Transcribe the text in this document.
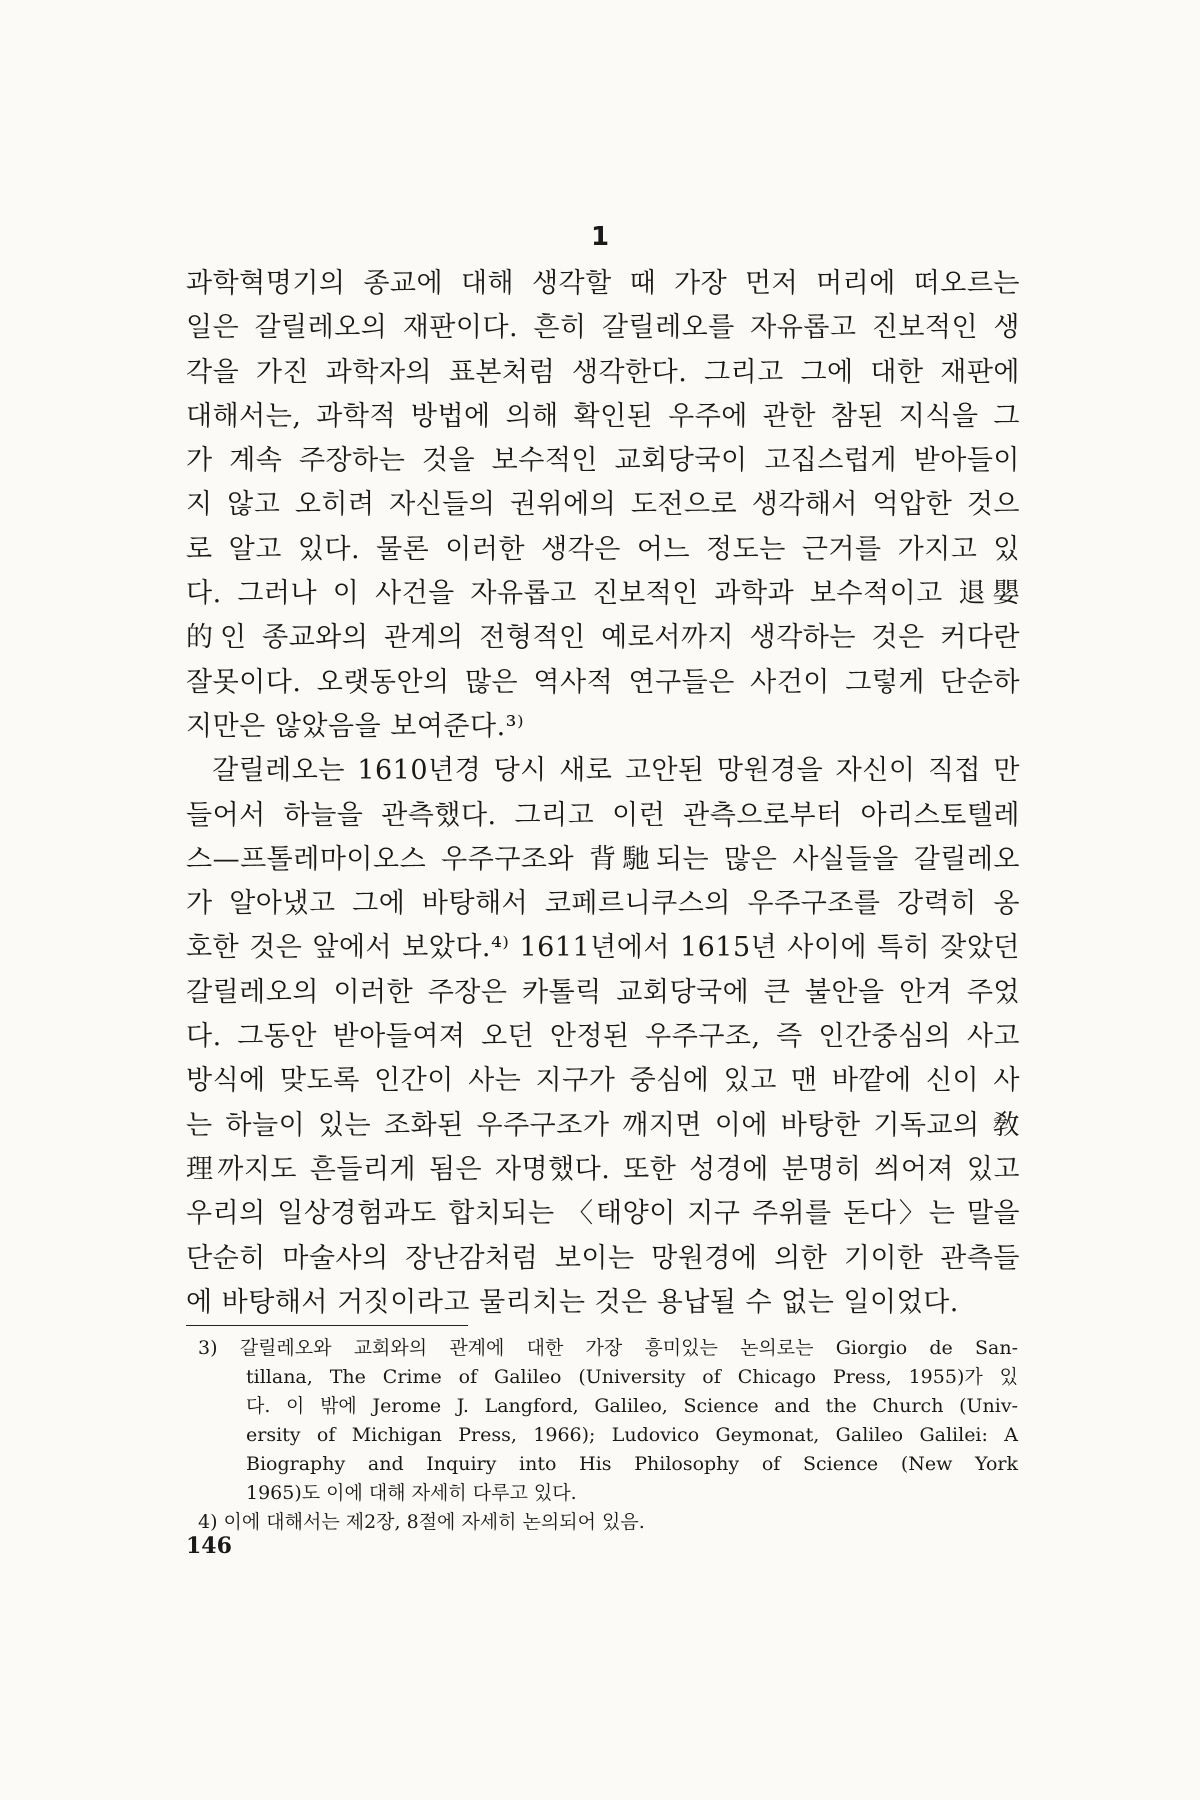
1
과학혁명기의 종교에 대해 생각할 때 가장 먼저 머리에 떠오르는
일은 갈릴레오의 재판이다. 흔히 갈릴레오를 자유롭고 진보적인 생
각을 가진 과학자의 표본처럼 생각한다. 그리고 그에 대한 재판에
대해서는, 과학적 방법에 의해 확인된 우주에 관한 참된 지식을 그
가 계속 주장하는 것을 보수적인 교회당국이 고집스럽게 받아들이
지 않고 오히려 자신들의 권위에의 도전으로 생각해서 억압한 것으
로 알고 있다. 물론 이러한 생각은 어느 정도는 근거를 가지고 있
다. 그러나 이 사건을 자유롭고 진보적인 과학과 보수적이고 退嬰
的인 종교와의 관계의 전형적인 예로서까지 생각하는 것은 커다란
잘못이다. 오랫동안의 많은 역사적 연구들은 사건이 그렇게 단순하
지만은 않았음을 보여준다.³⁾
갈릴레오는 1610년경 당시 새로 고안된 망원경을 자신이 직접 만
들어서 하늘을 관측했다. 그리고 이런 관측으로부터 아리스토텔레
스—프톨레마이오스 우주구조와 背馳되는 많은 사실들을 갈릴레오
가 알아냈고 그에 바탕해서 코페르니쿠스의 우주구조를 강력히 옹
호한 것은 앞에서 보았다.⁴⁾ 1611년에서 1615년 사이에 특히 잦았던
갈릴레오의 이러한 주장은 카톨릭 교회당국에 큰 불안을 안겨 주었
다. 그동안 받아들여져 오던 안정된 우주구조, 즉 인간중심의 사고
방식에 맞도록 인간이 사는 지구가 중심에 있고 맨 바깥에 신이 사
는 하늘이 있는 조화된 우주구조가 깨지면 이에 바탕한 기독교의 敎
理까지도 흔들리게 됨은 자명했다. 또한 성경에 분명히 씌어져 있고
우리의 일상경험과도 합치되는 〈태양이 지구 주위를 돈다〉는 말을
단순히 마술사의 장난감처럼 보이는 망원경에 의한 기이한 관측들
에 바탕해서 거짓이라고 물리치는 것은 용납될 수 없는 일이었다.
3) 갈릴레오와 교회와의 관계에 대한 가장 흥미있는 논의로는 Giorgio de San-
tillana, The Crime of Galileo (University of Chicago Press, 1955)가 있
다. 이 밖에 Jerome J. Langford, Galileo, Science and the Church (Univ-
ersity of Michigan Press, 1966); Ludovico Geymonat, Galileo Galilei: A
Biography and Inquiry into His Philosophy of Science (New York
1965)도 이에 대해 자세히 다루고 있다.
4) 이에 대해서는 제2장, 8절에 자세히 논의되어 있음.
146
